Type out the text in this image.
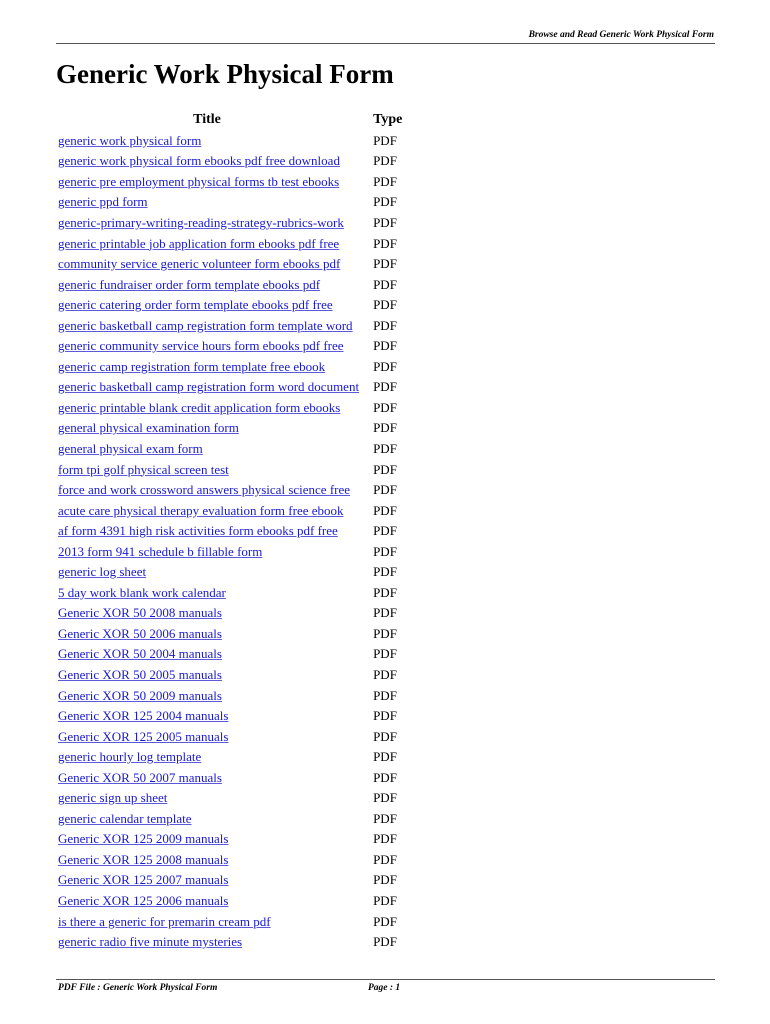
Browse and Read Generic Work Physical Form
Generic Work Physical Form
Title	Type
generic work physical form	PDF
generic work physical form ebooks pdf free download	PDF
generic pre employment physical forms tb test ebooks	PDF
generic ppd form	PDF
generic-primary-writing-reading-strategy-rubrics-work	PDF
generic printable job application form ebooks pdf free	PDF
community service generic volunteer form ebooks pdf	PDF
generic fundraiser order form template ebooks pdf	PDF
generic catering order form template ebooks pdf free	PDF
generic basketball camp registration form template word	PDF
generic community service hours form ebooks pdf free	PDF
generic camp registration form template free ebook	PDF
generic basketball camp registration form word document	PDF
generic printable blank credit application form ebooks	PDF
general physical examination form	PDF
general physical exam form	PDF
form tpi golf physical screen test	PDF
force and work crossword answers physical science free	PDF
acute care physical therapy evaluation form free ebook	PDF
af form 4391 high risk activities form ebooks pdf free	PDF
2013 form 941 schedule b fillable form	PDF
generic log sheet	PDF
5 day work blank work calendar	PDF
Generic XOR 50 2008 manuals	PDF
Generic XOR 50 2006 manuals	PDF
Generic XOR 50 2004 manuals	PDF
Generic XOR 50 2005 manuals	PDF
Generic XOR 50 2009 manuals	PDF
Generic XOR 125 2004 manuals	PDF
Generic XOR 125 2005 manuals	PDF
generic hourly log template	PDF
Generic XOR 50 2007 manuals	PDF
generic sign up sheet	PDF
generic calendar template	PDF
Generic XOR 125 2009 manuals	PDF
Generic XOR 125 2008 manuals	PDF
Generic XOR 125 2007 manuals	PDF
Generic XOR 125 2006 manuals	PDF
is there a generic for premarin cream pdf	PDF
generic radio five minute mysteries	PDF
PDF File : Generic Work Physical Form	Page : 1
